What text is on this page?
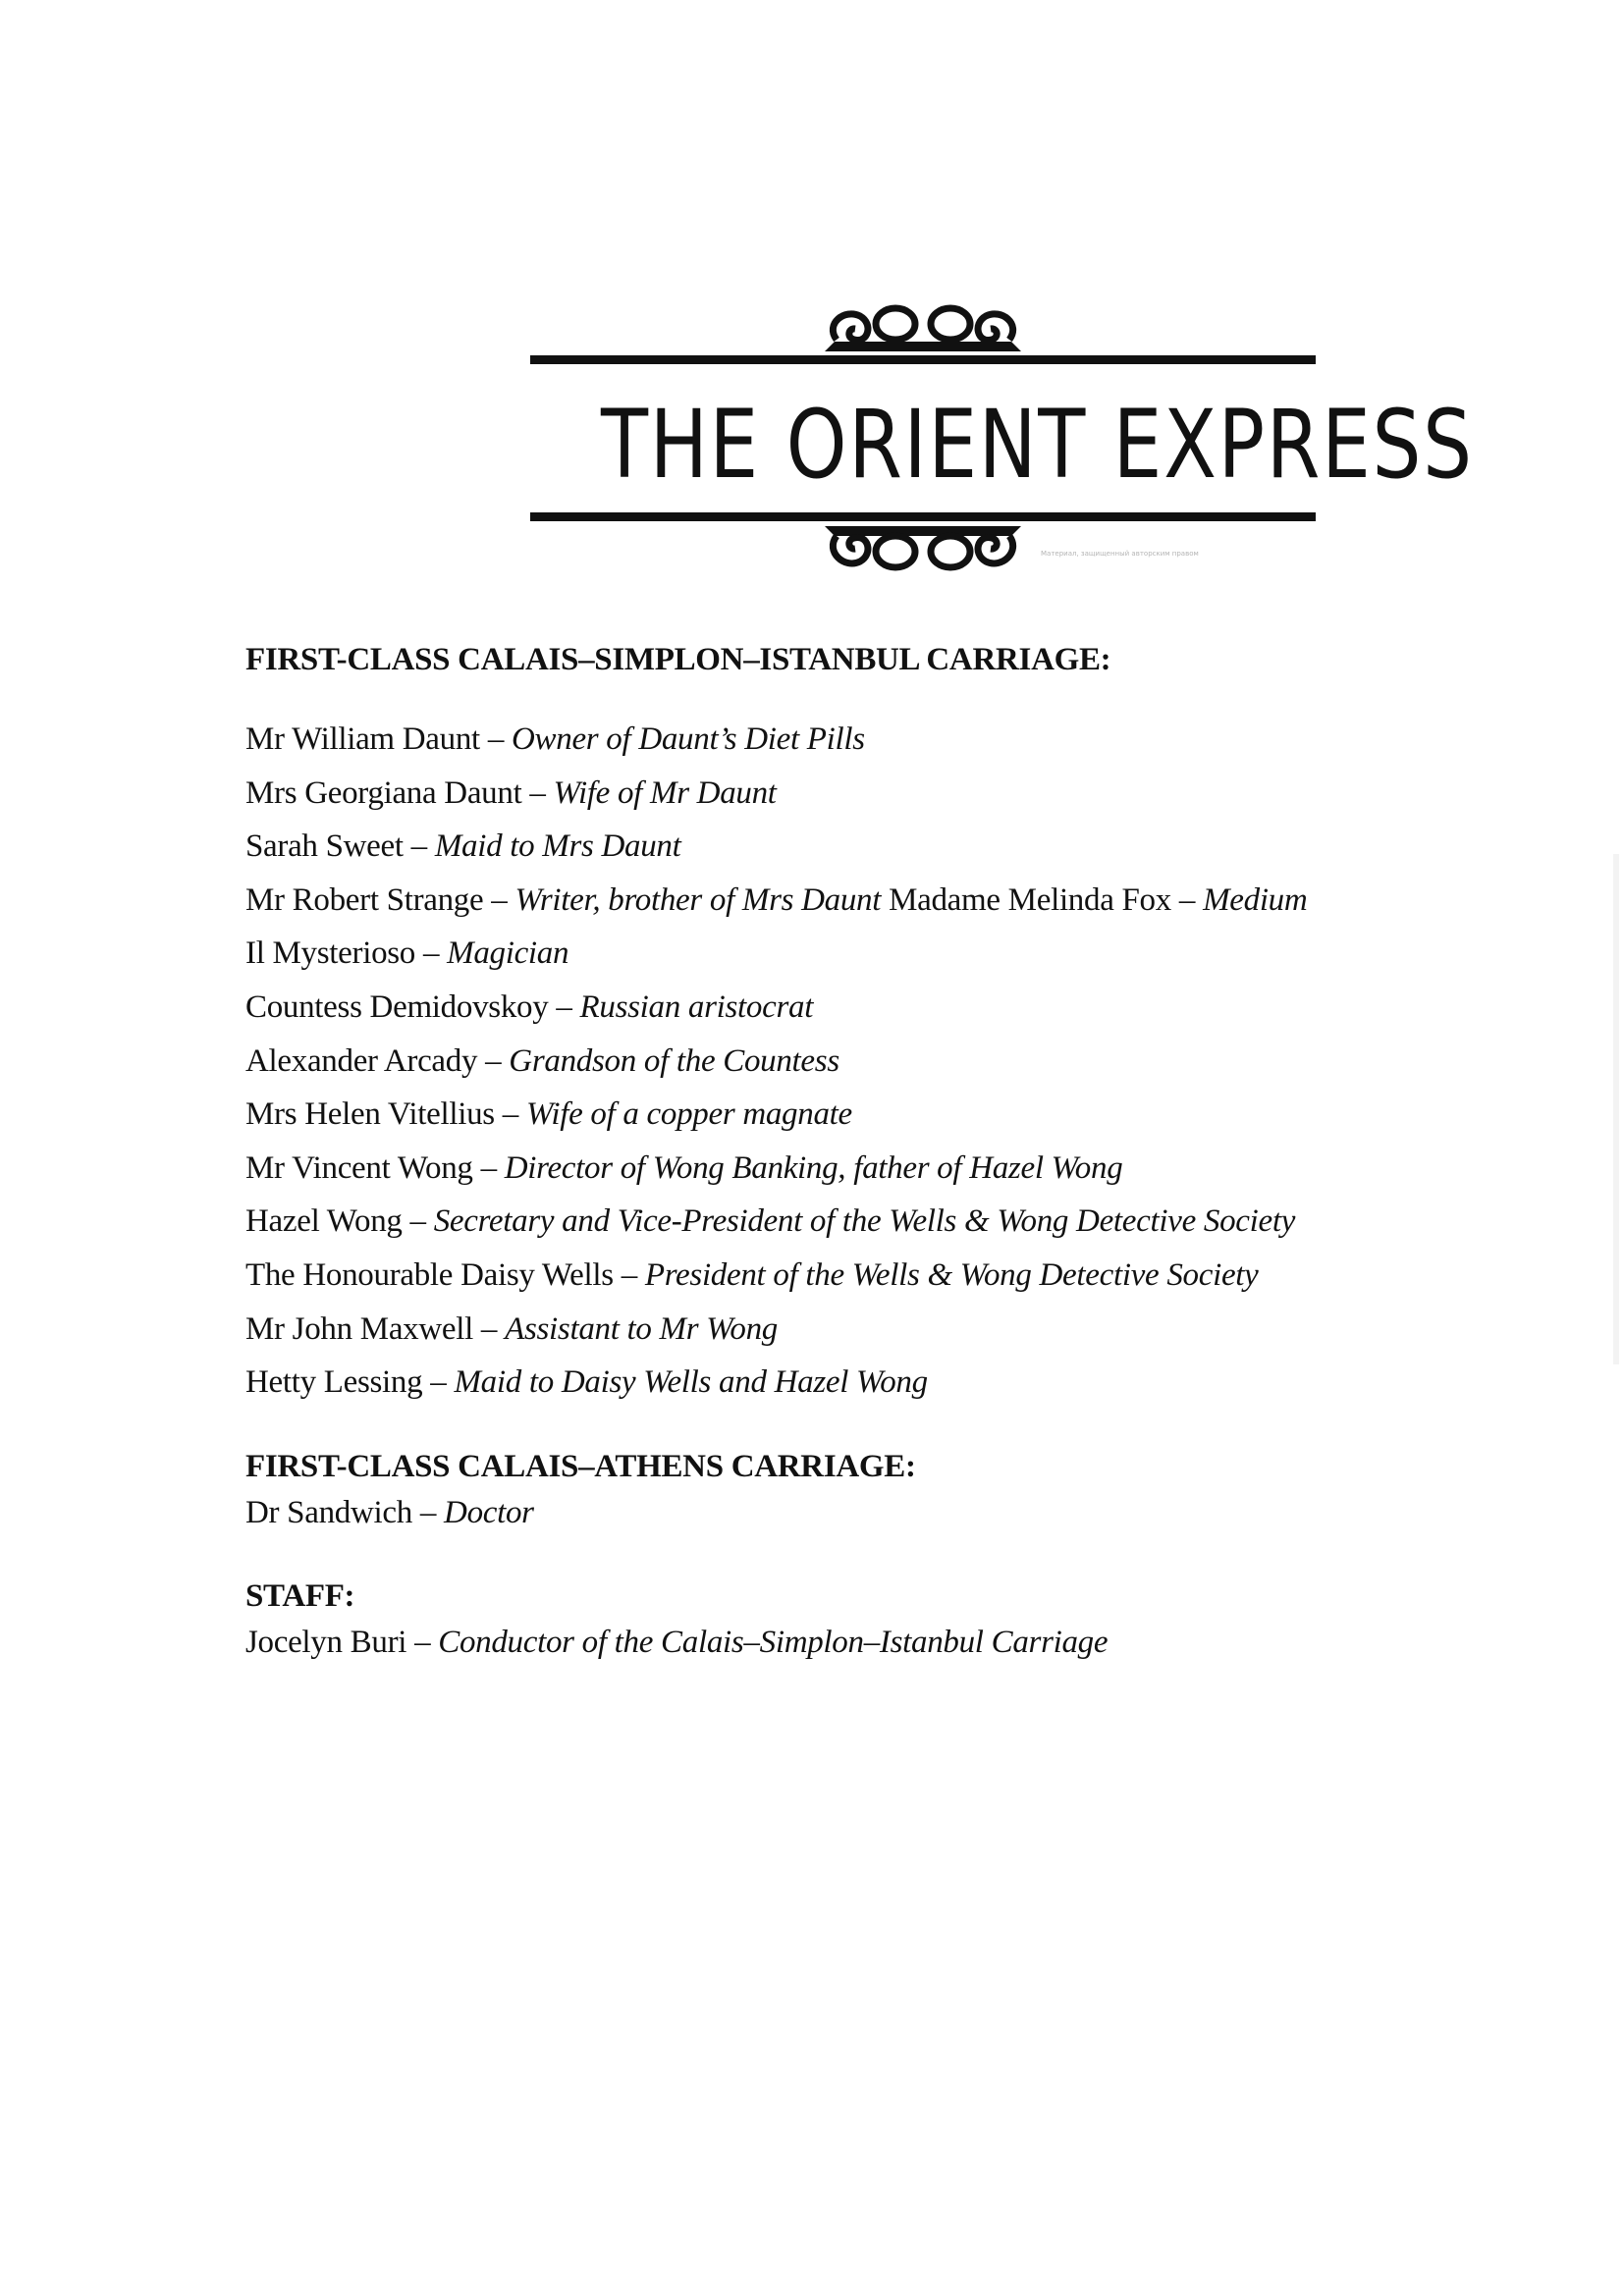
THE ORIENT EXPRESS
Материал, защищенный авторским правом

FIRST-CLASS CALAIS–SIMPLON–ISTANBUL CARRIAGE:

Mr William Daunt – Owner of Daunt’s Diet Pills
Mrs Georgiana Daunt – Wife of Mr Daunt
Sarah Sweet – Maid to Mrs Daunt
Mr Robert Strange – Writer, brother of Mrs Daunt Madame Melinda Fox – Medium
Il Mysterioso – Magician
Countess Demidovskoy – Russian aristocrat
Alexander Arcady – Grandson of the Countess
Mrs Helen Vitellius – Wife of a copper magnate
Mr Vincent Wong – Director of Wong Banking, father of Hazel Wong
Hazel Wong – Secretary and Vice-President of the Wells & Wong Detective Society
The Honourable Daisy Wells – President of the Wells & Wong Detective Society
Mr John Maxwell – Assistant to Mr Wong
Hetty Lessing – Maid to Daisy Wells and Hazel Wong

FIRST-CLASS CALAIS–ATHENS CARRIAGE:

Dr Sandwich – Doctor

STAFF:

Jocelyn Buri – Conductor of the Calais–Simplon–Istanbul Carriage
